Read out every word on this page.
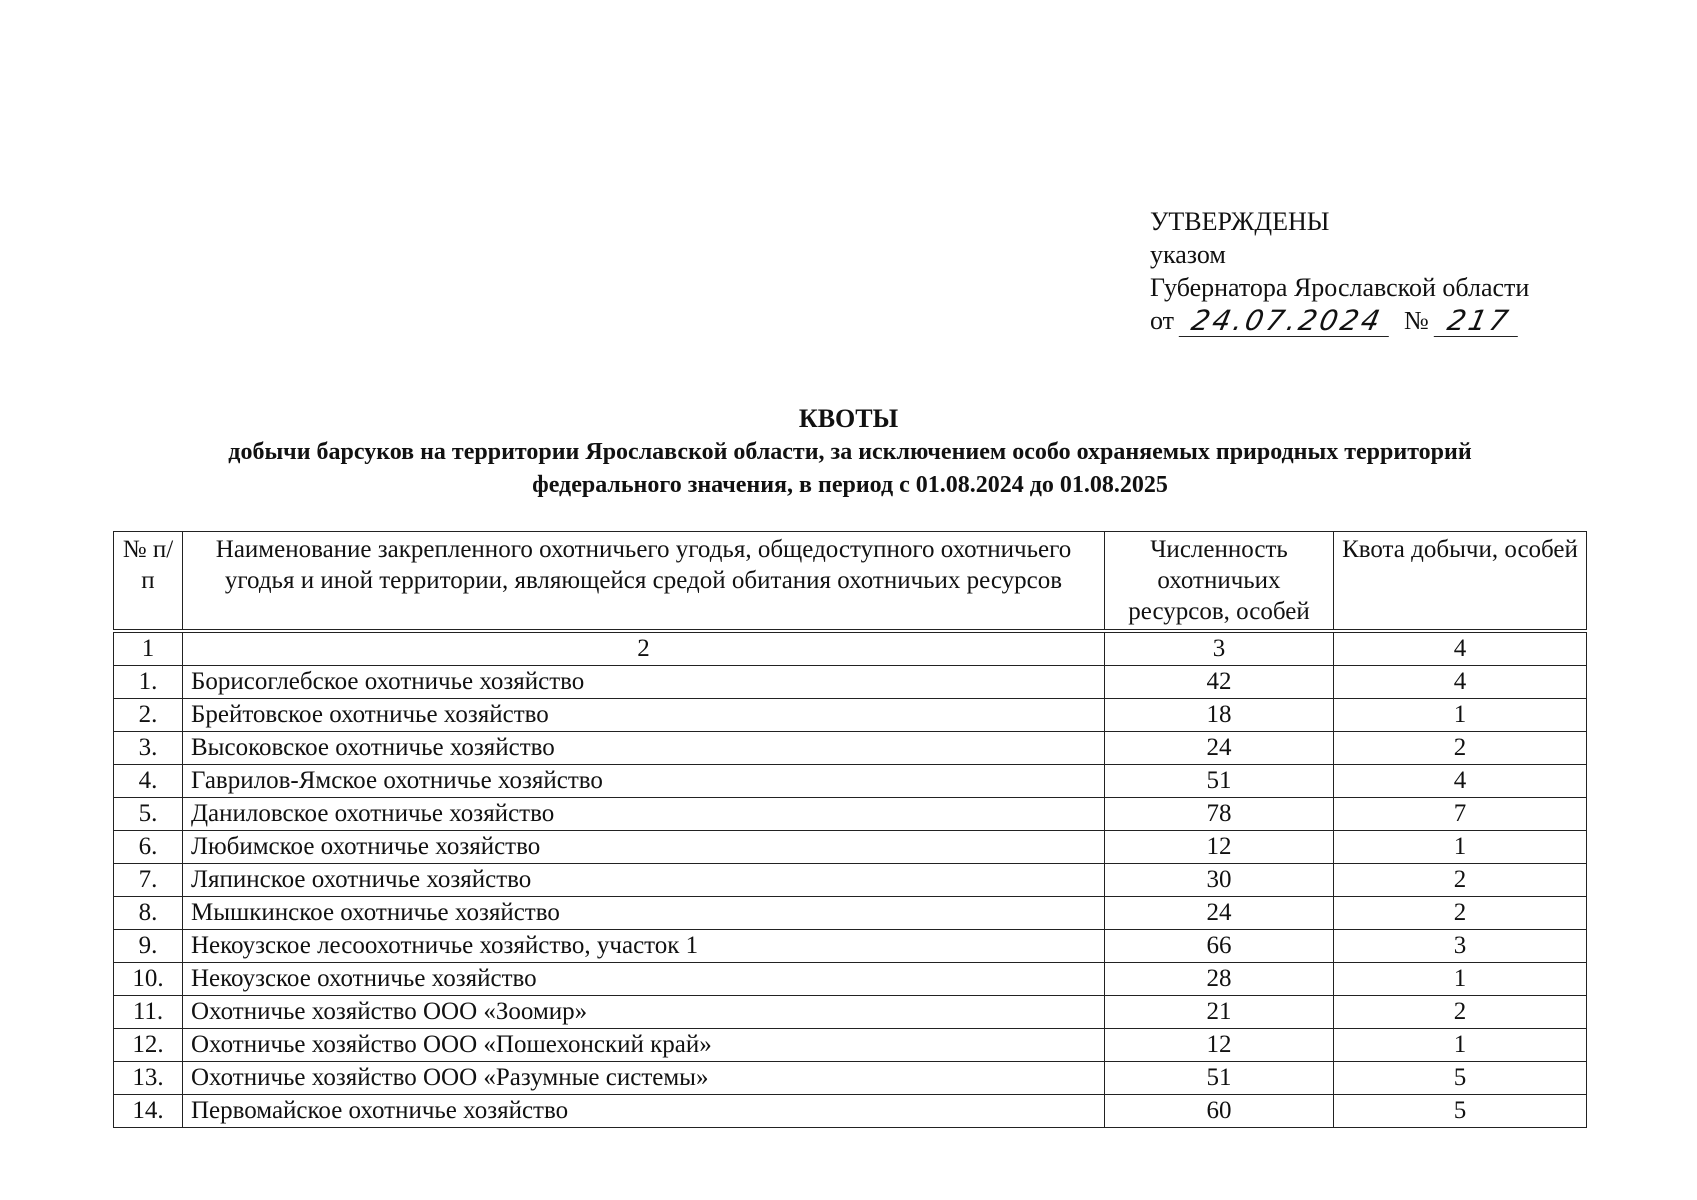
УТВЕРЖДЕНЫ
указом
Губернатора Ярославской области
от 24.07.2024 № 217
КВОТЫ
добычи барсуков на территории Ярославской области, за исключением особо охраняемых природных территорий
федерального значения, в период с 01.08.2024 до 01.08.2025
№ п/п	Наименование закрепленного охотничьего угодья, общедоступного охотничьего угодья и иной территории, являющейся средой обитания охотничьих ресурсов	Численность охотничьих ресурсов, особей	Квота добычи, особей
1	2	3	4
1.	Борисоглебское охотничье хозяйство	42	4
2.	Брейтовское охотничье хозяйство	18	1
3.	Высоковское охотничье хозяйство	24	2
4.	Гаврилов-Ямское охотничье хозяйство	51	4
5.	Даниловское охотничье хозяйство	78	7
6.	Любимское охотничье хозяйство	12	1
7.	Ляпинское охотничье хозяйство	30	2
8.	Мышкинское охотничье хозяйство	24	2
9.	Некоузское лесоохотничье хозяйство, участок 1	66	3
10.	Некоузское охотничье хозяйство	28	1
11.	Охотничье хозяйство ООО «Зоомир»	21	2
12.	Охотничье хозяйство ООО «Пошехонский край»	12	1
13.	Охотничье хозяйство ООО «Разумные системы»	51	5
14.	Первомайское охотничье хозяйство	60	5
